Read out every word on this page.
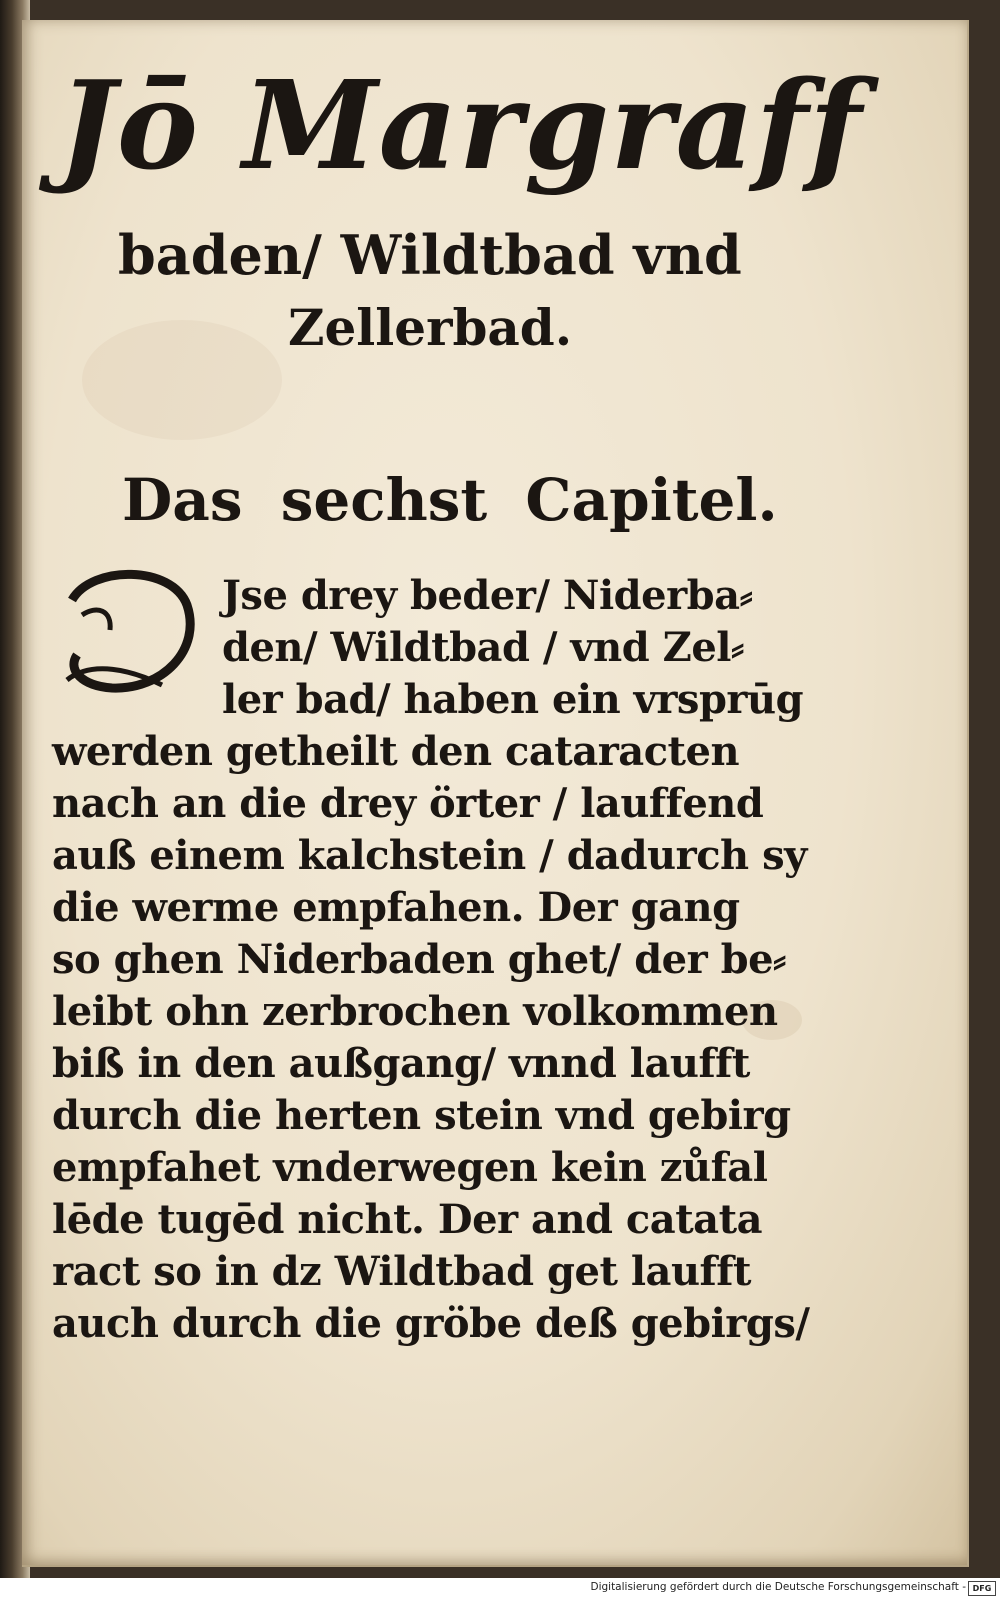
Jō Margraff
baden/ Wildtbad vnd
Zellerbad.
Das sechst Capitel.
Jse drey beder/ Niderba⸗
den/ Wildtbad / vnd Zel⸗
ler bad/ haben ein vrsprūg
werden getheilt den cataracten
nach an die drey örter / lauffend
auß einem kalchstein / dadurch sy
die werme empfahen. Der gang
so ghen Niderbaden ghet/ der be⸗
leibt ohn zerbrochen volkommen
biß in den außgang/ vnnd laufft
durch die herten stein vnd gebirg
empfahet vnderwegen kein zůfal
lēde tugēd nicht. Der and catata
ract so in dz Wildtbad get laufft
auch durch die gröbe deß gebirgs/
Digitalisierung gefördert durch die Deutsche Forschungsgemeinschaft - DFG
